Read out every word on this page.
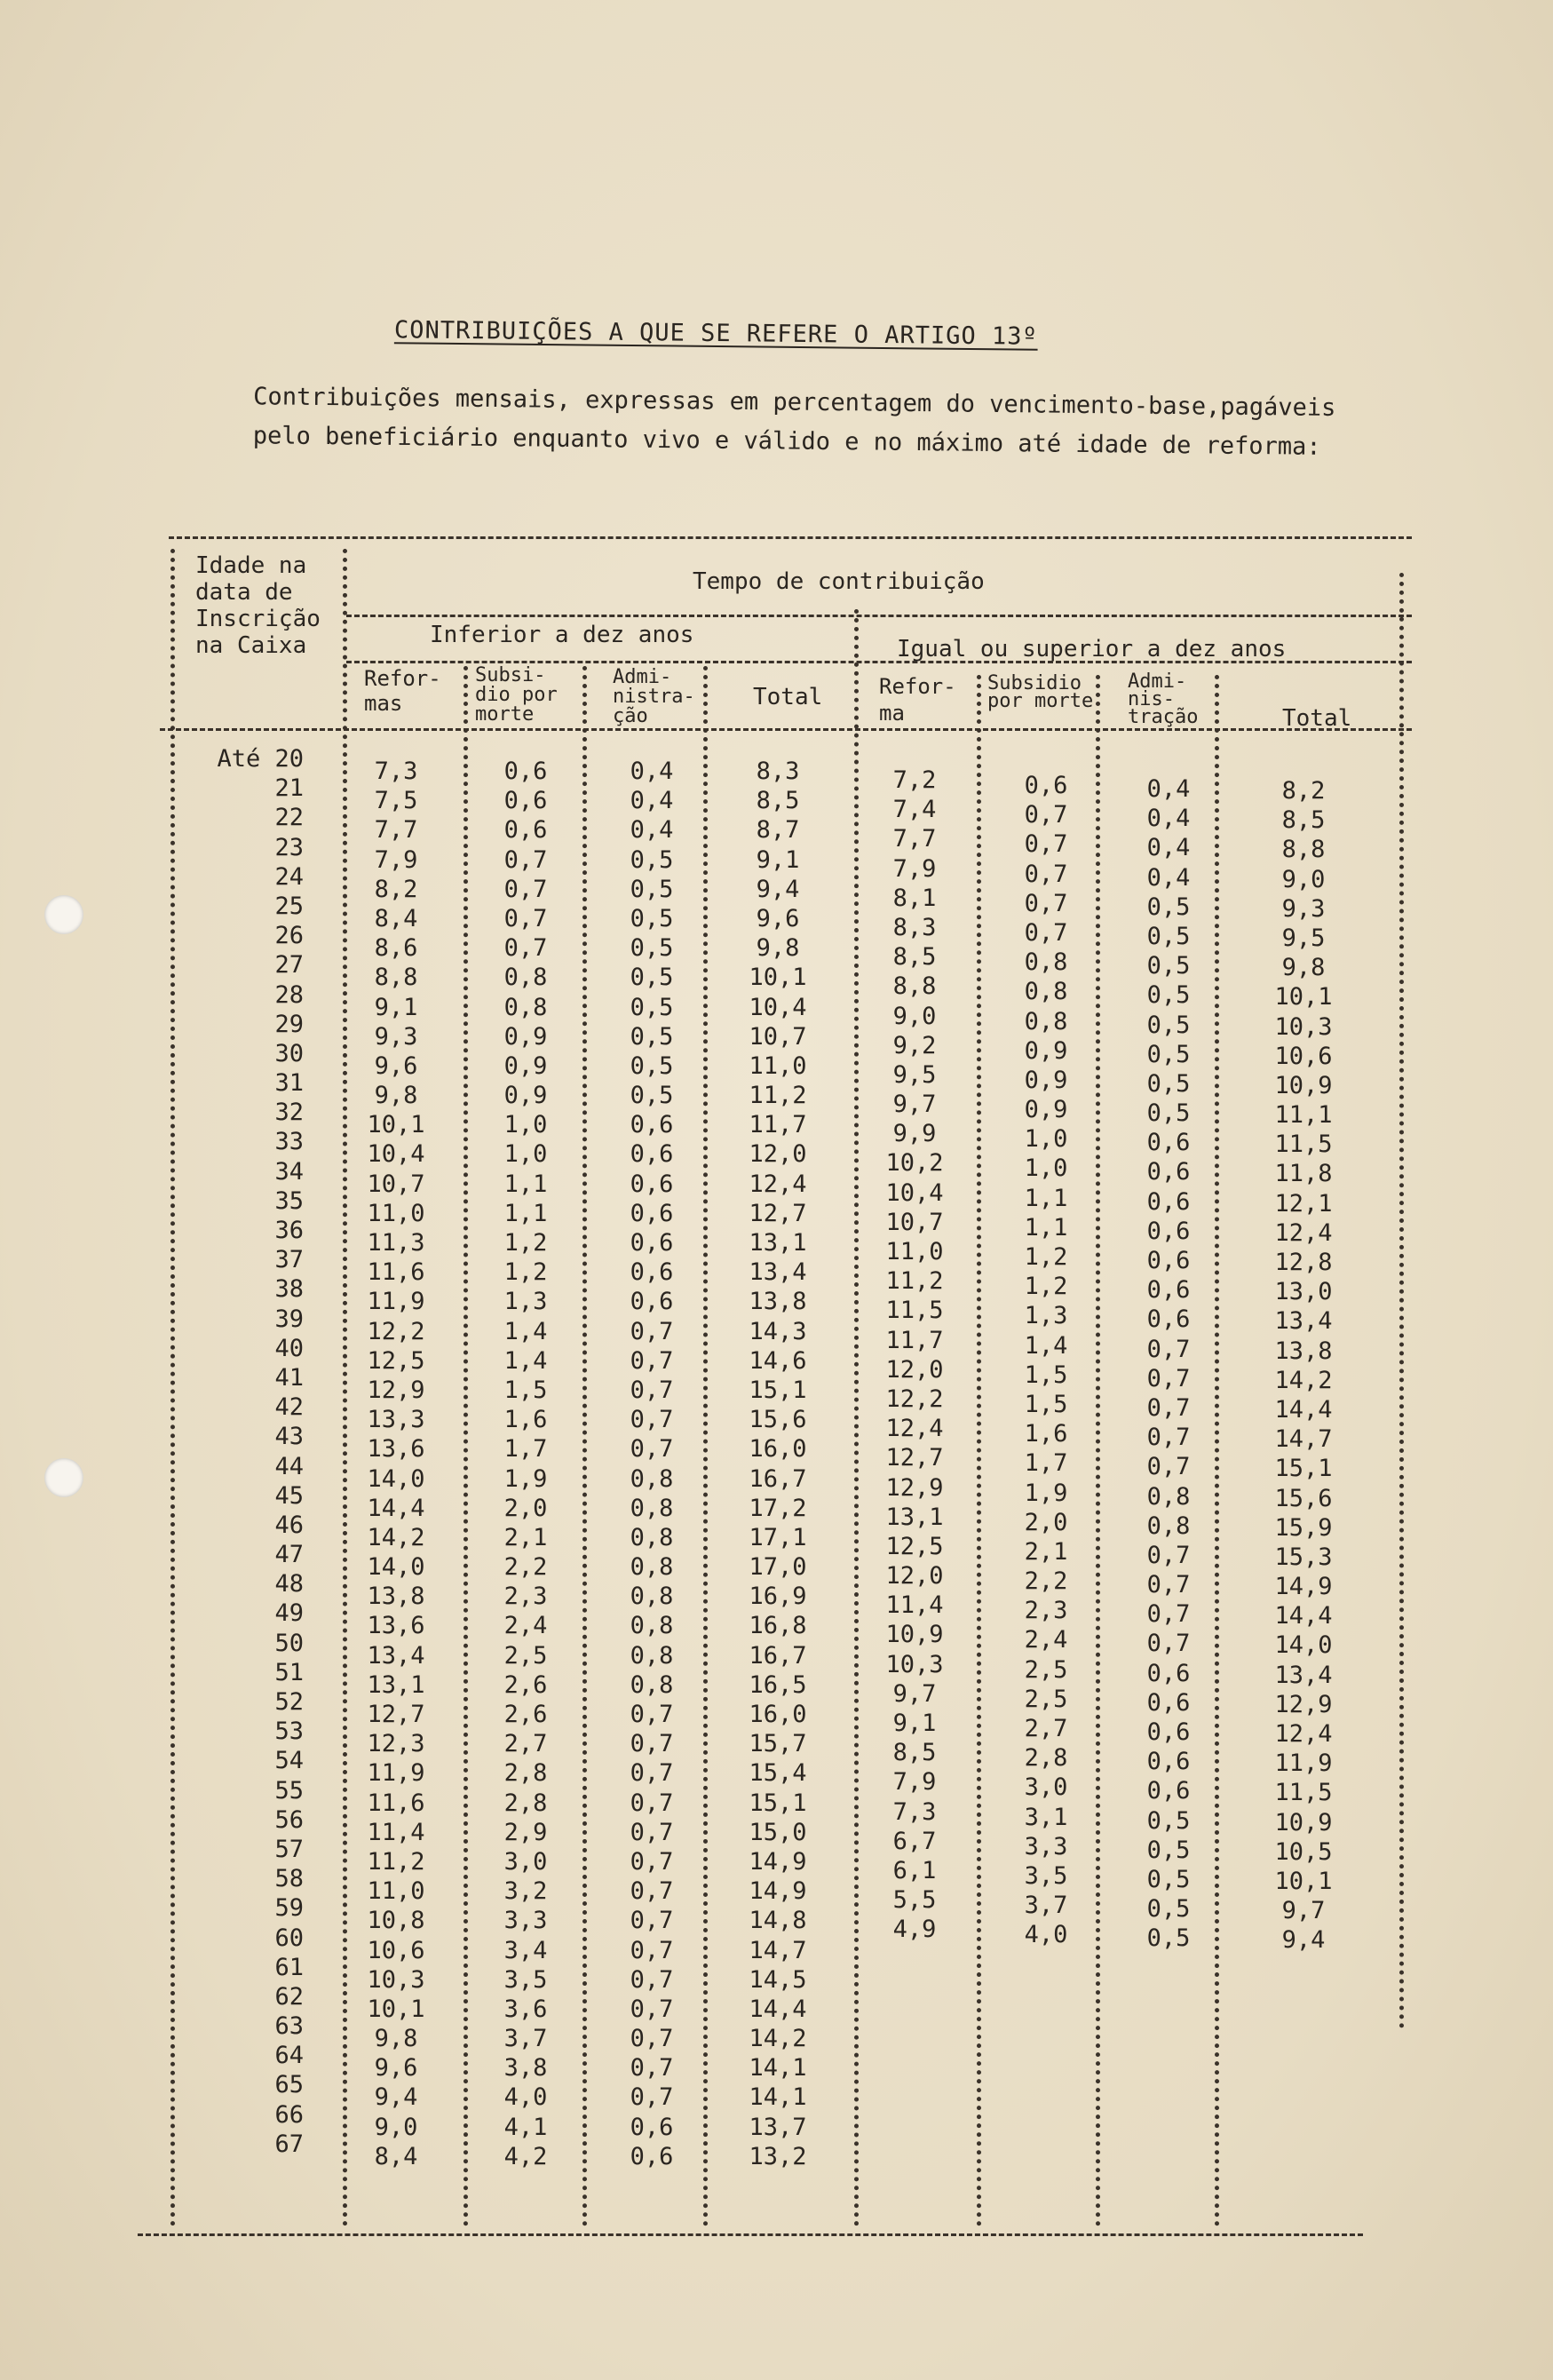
CONTRIBUIÇÕES A QUE SE REFERE O ARTIGO 13º
Contribuições mensais, expressas em percentagem do vencimento-base,pagáveis pelo beneficiário enquanto vivo e válido e no máximo até idade de reforma:
Idade na data de Inscrição na Caixa
Tempo de contribuição
Inferior a dez anos
Igual ou superior a dez anos
Refor- mas
Subsi- dio por morte
Admi- nistra- ção
Total	Refor- ma
Subsidio por morte
Admi- nis- tração	Total
Até 20
21
22
23
24
25
26
27
28
29
30
31
32
33
34
35
36
37
38
39
40
41
42
43
44
45
46
47
48
49
50
51
52
53
54
55
56
57
58
59
60
61
62
63
64
65
66
67
7,3
7,5
7,7
7,9
8,2
8,4
8,6
8,8
9,1
9,3
9,6
9,8
10,1
10,4
10,7
11,0
11,3
11,6
11,9
12,2
12,5
12,9
13,3
13,6
14,0
14,4
14,2
14,0
13,8
13,6
13,4
13,1
12,7
12,3
11,9
11,6
11,4
11,2
11,0
10,8
10,6
10,3
10,1
9,8
9,6
9,4
9,0
8,4
0,6
0,6
0,6
0,7
0,7
0,7
0,7
0,8
0,8
0,9
0,9
0,9
1,0
1,0
1,1
1,1
1,2
1,2
1,3
1,4
1,4
1,5
1,6
1,7
1,9
2,0
2,1
2,2
2,3
2,4
2,5
2,6
2,6
2,7
2,8
2,8
2,9
3,0
3,2
3,3
3,4
3,5
3,6
3,7
3,8
4,0
4,1
4,2
0,4
0,4
0,4
0,5
0,5
0,5
0,5
0,5
0,5
0,5
0,5
0,5
0,6
0,6
0,6
0,6
0,6
0,6
0,6
0,7
0,7
0,7
0,7
0,7
0,8
0,8
0,8
0,8
0,8
0,8
0,8
0,8
0,7
0,7
0,7
0,7
0,7
0,7
0,7
0,7
0,7
0,7
0,7
0,7
0,7
0,7
0,6
0,6
8,3
8,5
8,7
9,1
9,4
9,6
9,8
10,1
10,4
10,7
11,0
11,2
11,7
12,0
12,4
12,7
13,1
13,4
13,8
14,3
14,6
15,1
15,6
16,0
16,7
17,2
17,1
17,0
16,9
16,8
16,7
16,5
16,0
15,7
15,4
15,1
15,0
14,9
14,9
14,8
14,7
14,5
14,4
14,2
14,1
14,1
13,7
13,2
7,2
7,4
7,7
7,9
8,1
8,3
8,5
8,8
9,0
9,2
9,5
9,7
9,9
10,2
10,4
10,7
11,0
11,2
11,5
11,7
12,0
12,2
12,4
12,7
12,9
13,1
12,5
12,0
11,4
10,9
10,3
9,7
9,1
8,5
7,9
7,3
6,7
6,1
5,5
4,9
0,6
0,7
0,7
0,7
0,7
0,7
0,8
0,8
0,8
0,9
0,9
0,9
1,0
1,0
1,1
1,1
1,2
1,2
1,3
1,4
1,5
1,5
1,6
1,7
1,9
2,0
2,1
2,2
2,3
2,4
2,5
2,5
2,7
2,8
3,0
3,1
3,3
3,5
3,7
4,0
0,4
0,4
0,4
0,4
0,5
0,5
0,5
0,5
0,5
0,5
0,5
0,5
0,6
0,6
0,6
0,6
0,6
0,6
0,6
0,7
0,7
0,7
0,7
0,7
0,8
0,8
0,7
0,7
0,7
0,7
0,6
0,6
0,6
0,6
0,6
0,5
0,5
0,5
0,5
0,5
8,2
8,5
8,8
9,0
9,3
9,5
9,8
10,1
10,3
10,6
10,9
11,1
11,5
11,8
12,1
12,4
12,8
13,0
13,4
13,8
14,2
14,4
14,7
15,1
15,6
15,9
15,3
14,9
14,4
14,0
13,4
12,9
12,4
11,9
11,5
10,9
10,5
10,1
9,7
9,4
